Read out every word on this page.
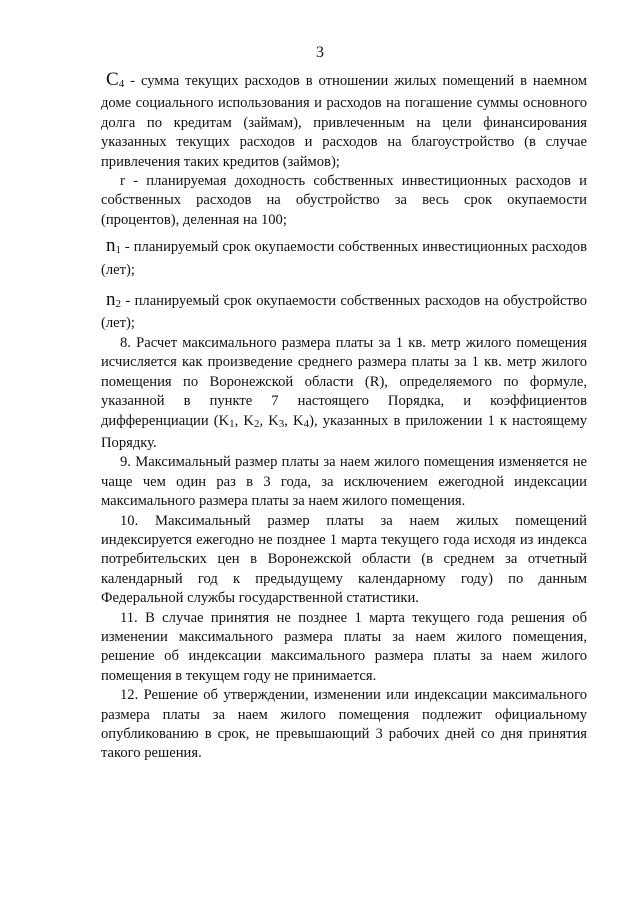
3

С4 - сумма текущих расходов в отношении жилых помещений в наемном доме социального использования и расходов на погашение суммы основного долга по кредитам (займам), привлеченным на цели финансирования указанных текущих расходов и расходов на благоустройство (в случае привлечения таких кредитов (займов);

r - планируемая доходность собственных инвестиционных расходов и собственных расходов на обустройство за весь срок окупаемости (процентов), деленная на 100;

n1 - планируемый срок окупаемости собственных инвестиционных расходов (лет);

n2 - планируемый срок окупаемости собственных расходов на обустройство (лет);

8. Расчет максимального размера платы за 1 кв. метр жилого помещения исчисляется как произведение среднего размера платы за 1 кв. метр жилого помещения по Воронежской области (R), определяемого по формуле, указанной в пункте 7 настоящего Порядка, и коэффициентов дифференциации (K1, K2, K3, K4), указанных в приложении 1 к настоящему Порядку.

9. Максимальный размер платы за наем жилого помещения изменяется не чаще чем один раз в 3 года, за исключением ежегодной индексации максимального размера платы за наем жилого помещения.

10. Максимальный размер платы за наем жилых помещений индексируется ежегодно не позднее 1 марта текущего года исходя из индекса потребительских цен в Воронежской области (в среднем за отчетный календарный год к предыдущему календарному году) по данным Федеральной службы государственной статистики.

11. В случае принятия не позднее 1 марта текущего года решения об изменении максимального размера платы за наем жилого помещения, решение об индексации максимального размера платы за наем жилого помещения в текущем году не принимается.

12. Решение об утверждении, изменении или индексации максимального размера платы за наем жилого помещения подлежит официальному опубликованию в срок, не превышающий 3 рабочих дней со дня принятия такого решения.
